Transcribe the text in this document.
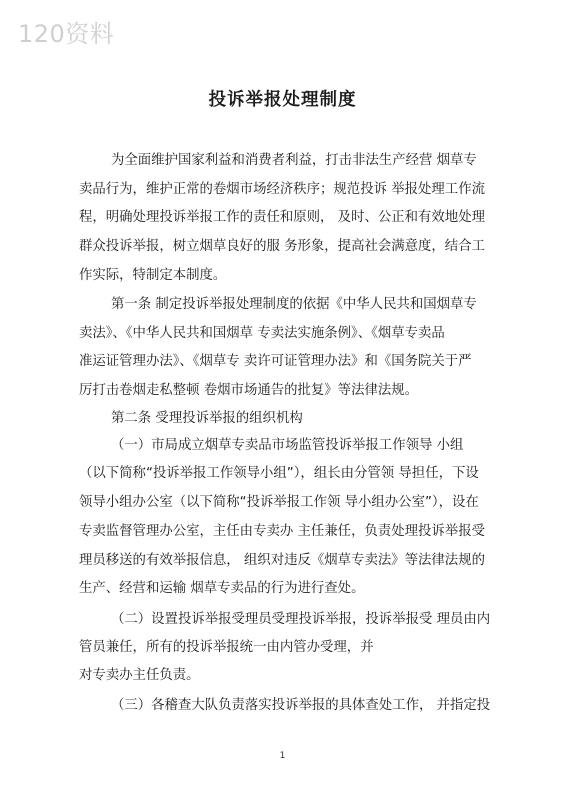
120资料
投诉举报处理制度
为全面维护国家利益和消费者利益，打击非法生产经营 烟草专
卖品行为，维护正常的卷烟市场经济秩序；规范投诉 举报处理工作流
程，明确处理投诉举报工作的责任和原则， 及时、公正和有效地处理
群众投诉举报，树立烟草良好的服 务形象，提高社会满意度，结合工
作实际，特制定本制度。
第一条 制定投诉举报处理制度的依据《中华人民共和国烟草专
卖法》、《中华人民共和国烟草 专卖法实施条例》、《烟草专卖品
准运证管理办法》、《烟草专 卖许可证管理办法》和《国务院关于严
厉打击卷烟走私整顿 卷烟市场通告的批复》等法律法规。
第二条 受理投诉举报的组织机构
（一）市局成立烟草专卖品市场监管投诉举报工作领导 小组
（以下简称“投诉举报工作领导小组”），组长由分管领 导担任，下设
领导小组办公室（以下简称“投诉举报工作领 导小组办公室”），设在
专卖监督管理办公室，主任由专卖办 主任兼任，负责处理投诉举报受
理员移送的有效举报信息， 组织对违反《烟草专卖法》等法律法规的
生产、经营和运输 烟草专卖品的行为进行查处。
（二）设置投诉举报受理员受理投诉举报，投诉举报受 理员由内
管员兼任，所有的投诉举报统一由内管办受理，并
对专卖办主任负责。
（三）各稽查大队负责落实投诉举报的具体查处工作， 并指定投
1
